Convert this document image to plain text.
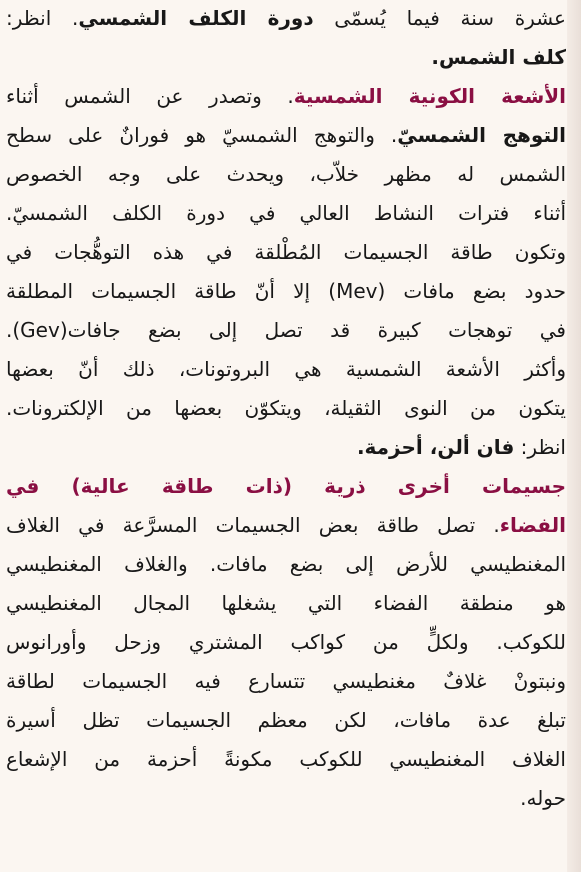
عشرة سنة فيما يُسمّى دورة الكلف الشمسي. انظر:
كلف الشمس.
الأشعة الكونية الشمسية. وتصدر عن الشمس أثناء
التوهج الشمسيّ. والتوهج الشمسيّ هو فورانٌ على سطح
الشمس له مظهر خلاّب، ويحدث على وجه الخصوص
أثناء فترات النشاط العالي في دورة الكلف الشمسيّ.
وتكون طاقة الجسيمات المُطْلقة في هذه التوهُّجات في
حدود بضع مافات (Mev) إلا أنّ طاقة الجسيمات المطلقة
في توهجات كبيرة قد تصل إلى بضع جافات(Gev).
وأكثر الأشعة الشمسية هي البروتونات، ذلك أنّ بعضها
يتكون من النوى الثقيلة، ويتكوّن بعضها من الإلكترونات.
انظر: فان ألن، أحزمة.
جسيمات أخرى ذرية (ذات طاقة عالية) في
الفضاء. تصل طاقة بعض الجسيمات المسرَّعة في الغلاف
المغنطيسي للأرض إلى بضع مافات. والغلاف المغنطيسي
هو منطقة الفضاء التي يشغلها المجال المغنطيسي
للكوكب. ولكلٍّ من كواكب المشتري وزحل وأورانوس
ونبتونْ غلافٌ مغنطيسي تتسارع فيه الجسيمات لطاقة
تبلغ عدة مافات، لكن معظم الجسيمات تظل أسيرة
الغلاف المغنطيسي للكوكب مكونةً أحزمة من الإشعاع
حوله.
